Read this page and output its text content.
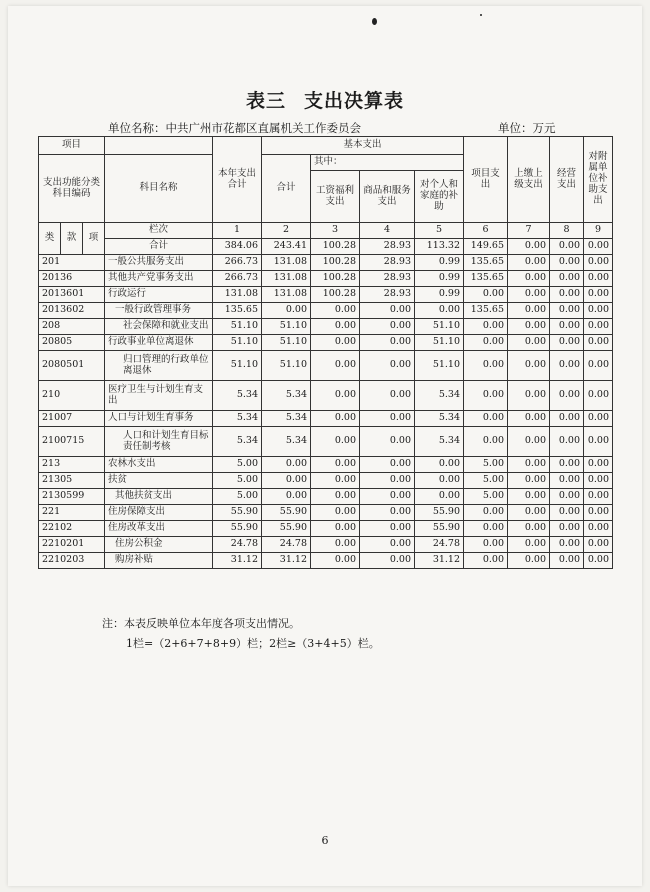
表三 支出决算表
单位名称：中共广州市花都区直属机关工作委员会	单位：万元
项目				本年支出合计	基本支出				项目支出	上缴上级支出	经营支出	对附属单位补助支出
支出功能分类科目编码			科目名称		合计	其中：						
						工资福利支出	商品和服务支出	对个人和家庭的补助				
类	款	项	栏次	1	2	3	4	5	6	7	8	9
			合计	384.06	243.41	100.28	28.93	113.32	149.65	0.00	0.00	0.00
201			一般公共服务支出	266.73	131.08	100.28	28.93	0.99	135.65	0.00	0.00	0.00
20136			其他共产党事务支出	266.73	131.08	100.28	28.93	0.99	135.65	0.00	0.00	0.00
2013601			行政运行	131.08	131.08	100.28	28.93	0.99	0.00	0.00	0.00	0.00
2013602			一般行政管理事务	135.65	0.00	0.00	0.00	0.00	135.65	0.00	0.00	0.00
208			社会保障和就业支出	51.10	51.10	0.00	0.00	51.10	0.00	0.00	0.00	0.00
20805			行政事业单位离退休	51.10	51.10	0.00	0.00	51.10	0.00	0.00	0.00	0.00
2080501			归口管理的行政单位离退休	51.10	51.10	0.00	0.00	51.10	0.00	0.00	0.00	0.00
210			医疗卫生与计划生育支出	5.34	5.34	0.00	0.00	5.34	0.00	0.00	0.00	0.00
21007			人口与计划生育事务	5.34	5.34	0.00	0.00	5.34	0.00	0.00	0.00	0.00
2100715			人口和计划生育目标责任制考核	5.34	5.34	0.00	0.00	5.34	0.00	0.00	0.00	0.00
213			农林水支出	5.00	0.00	0.00	0.00	0.00	5.00	0.00	0.00	0.00
21305			扶贫	5.00	0.00	0.00	0.00	0.00	5.00	0.00	0.00	0.00
2130599			其他扶贫支出	5.00	0.00	0.00	0.00	0.00	5.00	0.00	0.00	0.00
221			住房保障支出	55.90	55.90	0.00	0.00	55.90	0.00	0.00	0.00	0.00
22102			住房改革支出	55.90	55.90	0.00	0.00	55.90	0.00	0.00	0.00	0.00
2210201			住房公积金	24.78	24.78	0.00	0.00	24.78	0.00	0.00	0.00	0.00
2210203			购房补贴	31.12	31.12	0.00	0.00	31.12	0.00	0.00	0.00	0.00
注：本表反映单位本年度各项支出情况。
1栏=（2+6+7+8+9）栏；2栏≥（3+4+5）栏。
6
